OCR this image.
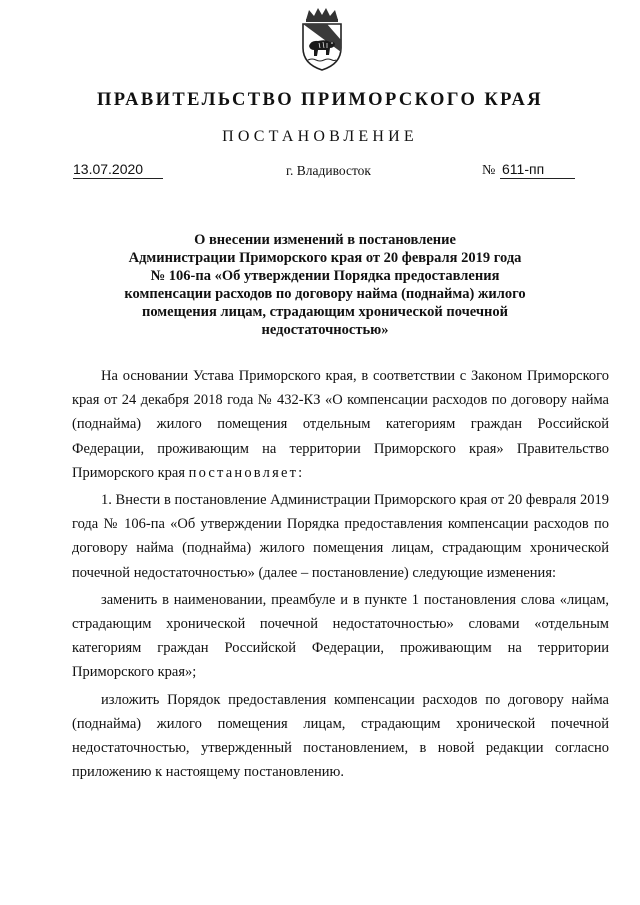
ПРАВИТЕЛЬСТВО ПРИМОРСКОГО КРАЯ
ПОСТАНОВЛЕНИЕ
13.07.2020	г. Владивосток	№ 611-пп
О внесении изменений в постановление
Администрации Приморского края от 20 февраля 2019 года
№ 106-па «Об утверждении Порядка предоставления
компенсации расходов по договору найма (поднайма) жилого
помещения лицам, страдающим хронической почечной
недостаточностью»

На основании Устава Приморского края, в соответствии с Законом Приморского края от 24 декабря 2018 года № 432-КЗ «О компенсации расходов по договору найма (поднайма) жилого помещения отдельным категориям граждан Российской Федерации, проживающим на территории Приморского края» Правительство Приморского края постановляет:

1. Внести в постановление Администрации Приморского края от 20 февраля 2019 года № 106-па «Об утверждении Порядка предоставления компенсации расходов по договору найма (поднайма) жилого помещения лицам, страдающим хронической почечной недостаточностью» (далее – постановление) следующие изменения:

заменить в наименовании, преамбуле и в пункте 1 постановления слова «лицам, страдающим хронической почечной недостаточностью» словами «отдельным категориям граждан Российской Федерации, проживающим на территории Приморского края»;

изложить Порядок предоставления компенсации расходов по договору найма (поднайма) жилого помещения лицам, страдающим хронической почечной недостаточностью, утвержденный постановлением, в новой редакции согласно приложению к настоящему постановлению.
